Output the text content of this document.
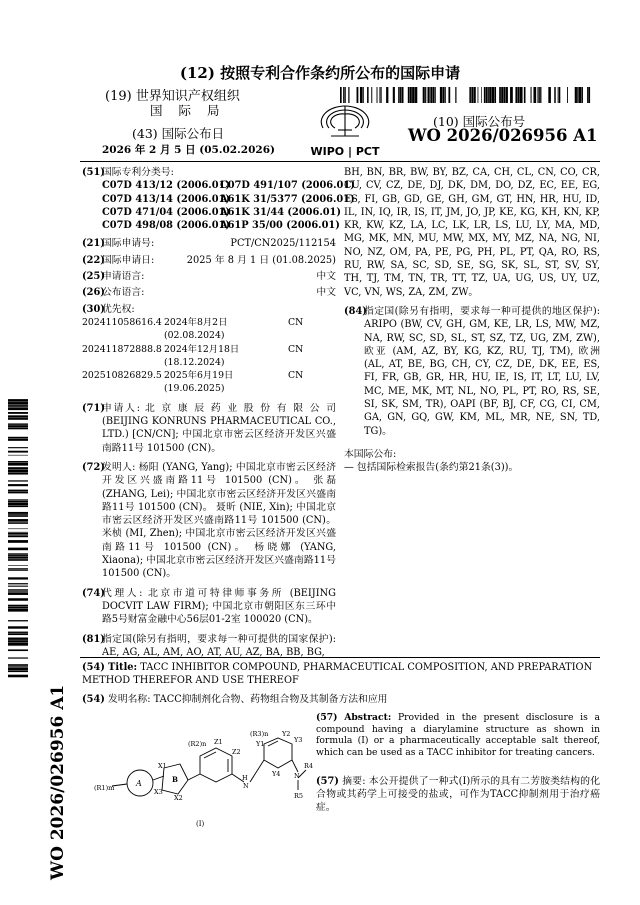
(12) 按照专利合作条约所公布的国际申请
(19) 世界知识产权组织
国 际 局
(43) 国际公布日
2026 年 2 月 5 日 (05.02.2026)	WIPO | PCT
(10) 国际公布号
WO 2026/026956 A1
(51)
国际专利分类号:
C07D 413/12 (2006.01)
C07D 491/107 (2006.01)
C07D 413/14 (2006.01)
A61K 31/5377 (2006.01)
C07D 471/04 (2006.01)
A61K 31/44 (2006.01)
C07D 498/08 (2006.01)
A61P 35/00 (2006.01)
(21)
国际申请号:	PCT/CN2025/112154
(22)
国际申请日:	2025 年 8 月 1 日 (01.08.2025)
(25)
申请语言:	中文
(26)
公布语言:	中文
(30)
优先权:
202411058616.4 2024年8月2日 (02.08.2024)
CN
202411872888.8 2024年12月18日 (18.12.2024)
CN
202510826829.5 2025年6月19日 (19.06.2025)
CN
(71)
申请人: 北 京 康 辰 药 业 股 份 有 限 公 司 (BEIJING KONRUNS PHARMACEUTICAL CO., LTD.) [CN/CN]; 中国北京市密云区经济开发区兴盛南路11号 101500 (CN)。
(72)
发明人: 杨阳 (YANG, Yang); 中国北京市密云区经济开发区兴盛南路11号 101500 (CN)。 张磊 (ZHANG, Lei); 中国北京市密云区经济开发区兴盛南路11号 101500 (CN)。 聂昕 (NIE, Xin); 中国北京市密云区经济开发区兴盛南路11号 101500 (CN)。 米桢 (MI, Zhen); 中国北京市密云区经济开发区兴盛南路11号 101500 (CN)。 杨晓娜 (YANG, Xiaona); 中国北京市密云区经济开发区兴盛南路11号 101500 (CN)。
(74)
代理人: 北京市道可特律师事务所 (BEIJING DOCVIT LAW FIRM); 中国北京市朝阳区东三环中路5号财富金融中心56层01-2室 100020 (CN)。
(81)
指定国(除另有指明，要求每一种可提供的国家保护): AE, AG, AL, AM, AO, AT, AU, AZ, BA, BB, BG,
BH, BN, BR, BW, BY, BZ, CA, CH, CL, CN, CO, CR, CU, CV, CZ, DE, DJ, DK, DM, DO, DZ, EC, EE, EG, ES, FI, GB, GD, GE, GH, GM, GT, HN, HR, HU, ID, IL, IN, IQ, IR, IS, IT, JM, JO, JP, KE, KG, KH, KN, KP, KR, KW, KZ, LA, LC, LK, LR, LS, LU, LY, MA, MD, MG, MK, MN, MU, MW, MX, MY, MZ, NA, NG, NI, NO, NZ, OM, PA, PE, PG, PH, PL, PT, QA, RO, RS, RU, RW, SA, SC, SD, SE, SG, SK, SL, ST, SV, SY, TH, TJ, TM, TN, TR, TT, TZ, UA, UG, US, UY, UZ, VC, VN, WS, ZA, ZM, ZW。
(84)
指定国(除另有指明，要求每一种可提供的地区保护): ARIPO (BW, CV, GH, GM, KE, LR, LS, MW, MZ, NA, RW, SC, SD, SL, ST, SZ, TZ, UG, ZM, ZW), 欧亚 (AM, AZ, BY, KG, KZ, RU, TJ, TM), 欧洲 (AL, AT, BE, BG, CH, CY, CZ, DE, DK, EE, ES, FI, FR, GB, GR, HR, HU, IE, IS, IT, LT, LU, LV, MC, ME, MK, MT, NL, NO, PL, PT, RO, RS, SE, SI, SK, SM, TR), OAPI (BF, BJ, CF, CG, CI, CM, GA, GN, GQ, GW, KM, ML, MR, NE, SN, TD, TG)。
本国际公布:
— 包括国际检索报告(条约第21条(3))。
WO 2026/026956 A1
(54) Title: TACC INHIBITOR COMPOUND, PHARMACEUTICAL COMPOSITION, AND PREPARATION METHOD THEREFOR AND USE THEREOF
(54) 发明名称: TACC抑制剂化合物、药物组合物及其制备方法和应用
(R1)m	A
X1
X2
X3
B
(R2)n Z1
Z2
H
N
(R3)n
Y1
Y2
Y3
Y4 N
R4
R5
(I)
(57) Abstract: Provided in the present disclosure is a compound having a diarylamine structure as shown in formula (I) or a pharmaceutically acceptable salt thereof, which can be used as a TACC inhibitor for treating cancers.
(57) 摘要: 本公开提供了一种式(I)所示的具有二芳胺类结构的化合物或其药学上可接受的盐或，可作为TACC抑制剂用于治疗癌症。
